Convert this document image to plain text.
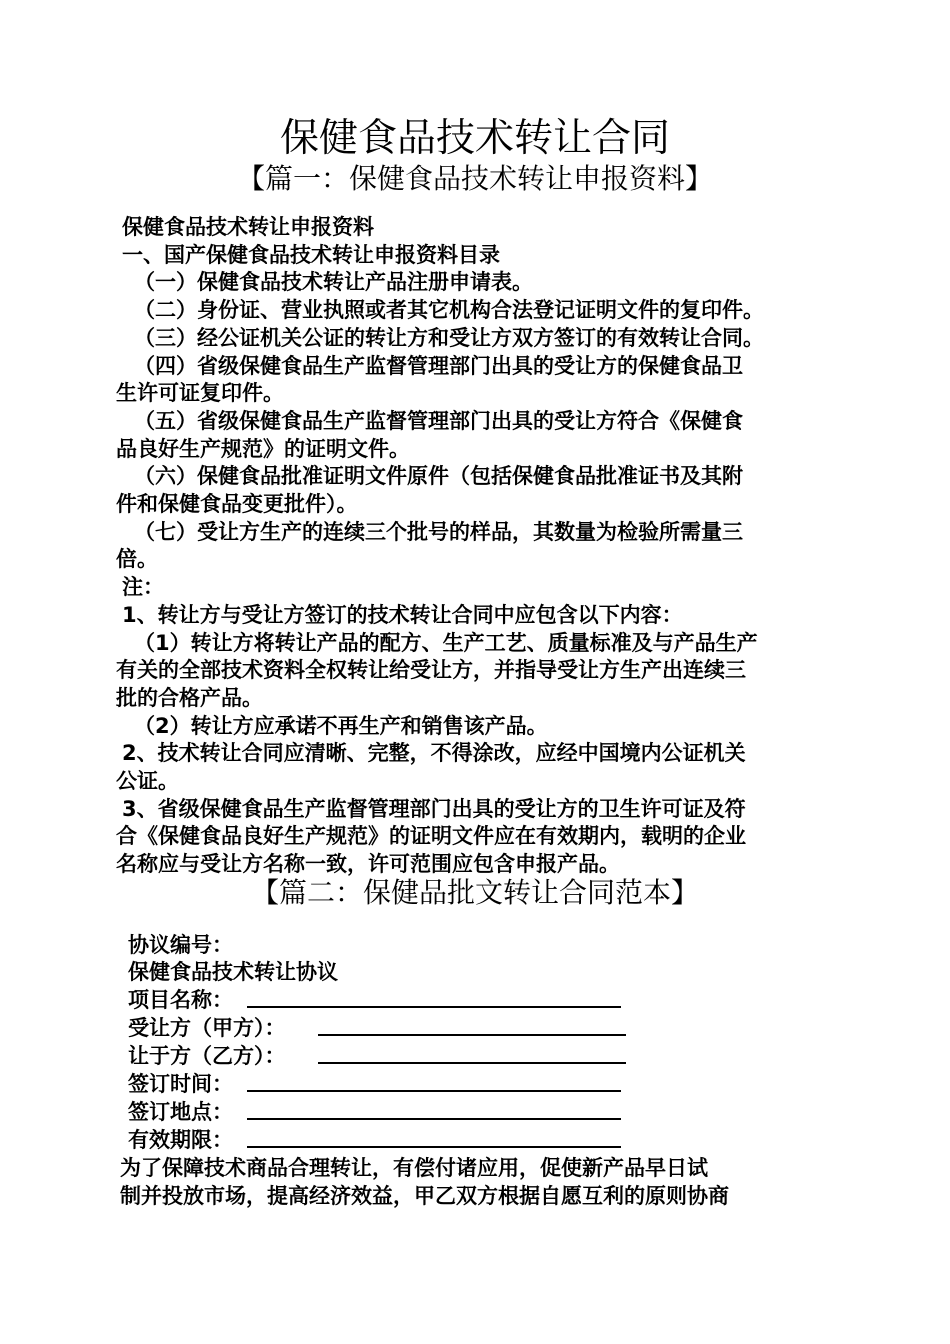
保健食品技术转让合同
【篇一：保健食品技术转让申报资料】
保健食品技术转让申报资料
一、国产保健食品技术转让申报资料目录
（一）保健食品技术转让产品注册申请表。
（二）身份证、营业执照或者其它机构合法登记证明文件的复印件。
（三）经公证机关公证的转让方和受让方双方签订的有效转让合同。
（四）省级保健食品生产监督管理部门出具的受让方的保健食品卫
生许可证复印件。
（五）省级保健食品生产监督管理部门出具的受让方符合《保健食
品良好生产规范》的证明文件。
（六）保健食品批准证明文件原件（包括保健食品批准证书及其附
件和保健食品变更批件）。
（七）受让方生产的连续三个批号的样品，其数量为检验所需量三
倍。
注：
1、转让方与受让方签订的技术转让合同中应包含以下内容：
（1）转让方将转让产品的配方、生产工艺、质量标准及与产品生产
有关的全部技术资料全权转让给受让方，并指导受让方生产出连续三
批的合格产品。
（2）转让方应承诺不再生产和销售该产品。
2、技术转让合同应清晰、完整，不得涂改，应经中国境内公证机关
公证。
3、省级保健食品生产监督管理部门出具的受让方的卫生许可证及符
合《保健食品良好生产规范》的证明文件应在有效期内，载明的企业
名称应与受让方名称一致，许可范围应包含申报产品。
【篇二：保健品批文转让合同范本】
协议编号：
保健食品技术转让协议
项目名称：
受让方（甲方）：
让于方（乙方）：
签订时间：
签订地点：
有效期限：
为了保障技术商品合理转让，有偿付诸应用，促使新产品早日试
制并投放市场，提高经济效益，甲乙双方根据自愿互利的原则协商
